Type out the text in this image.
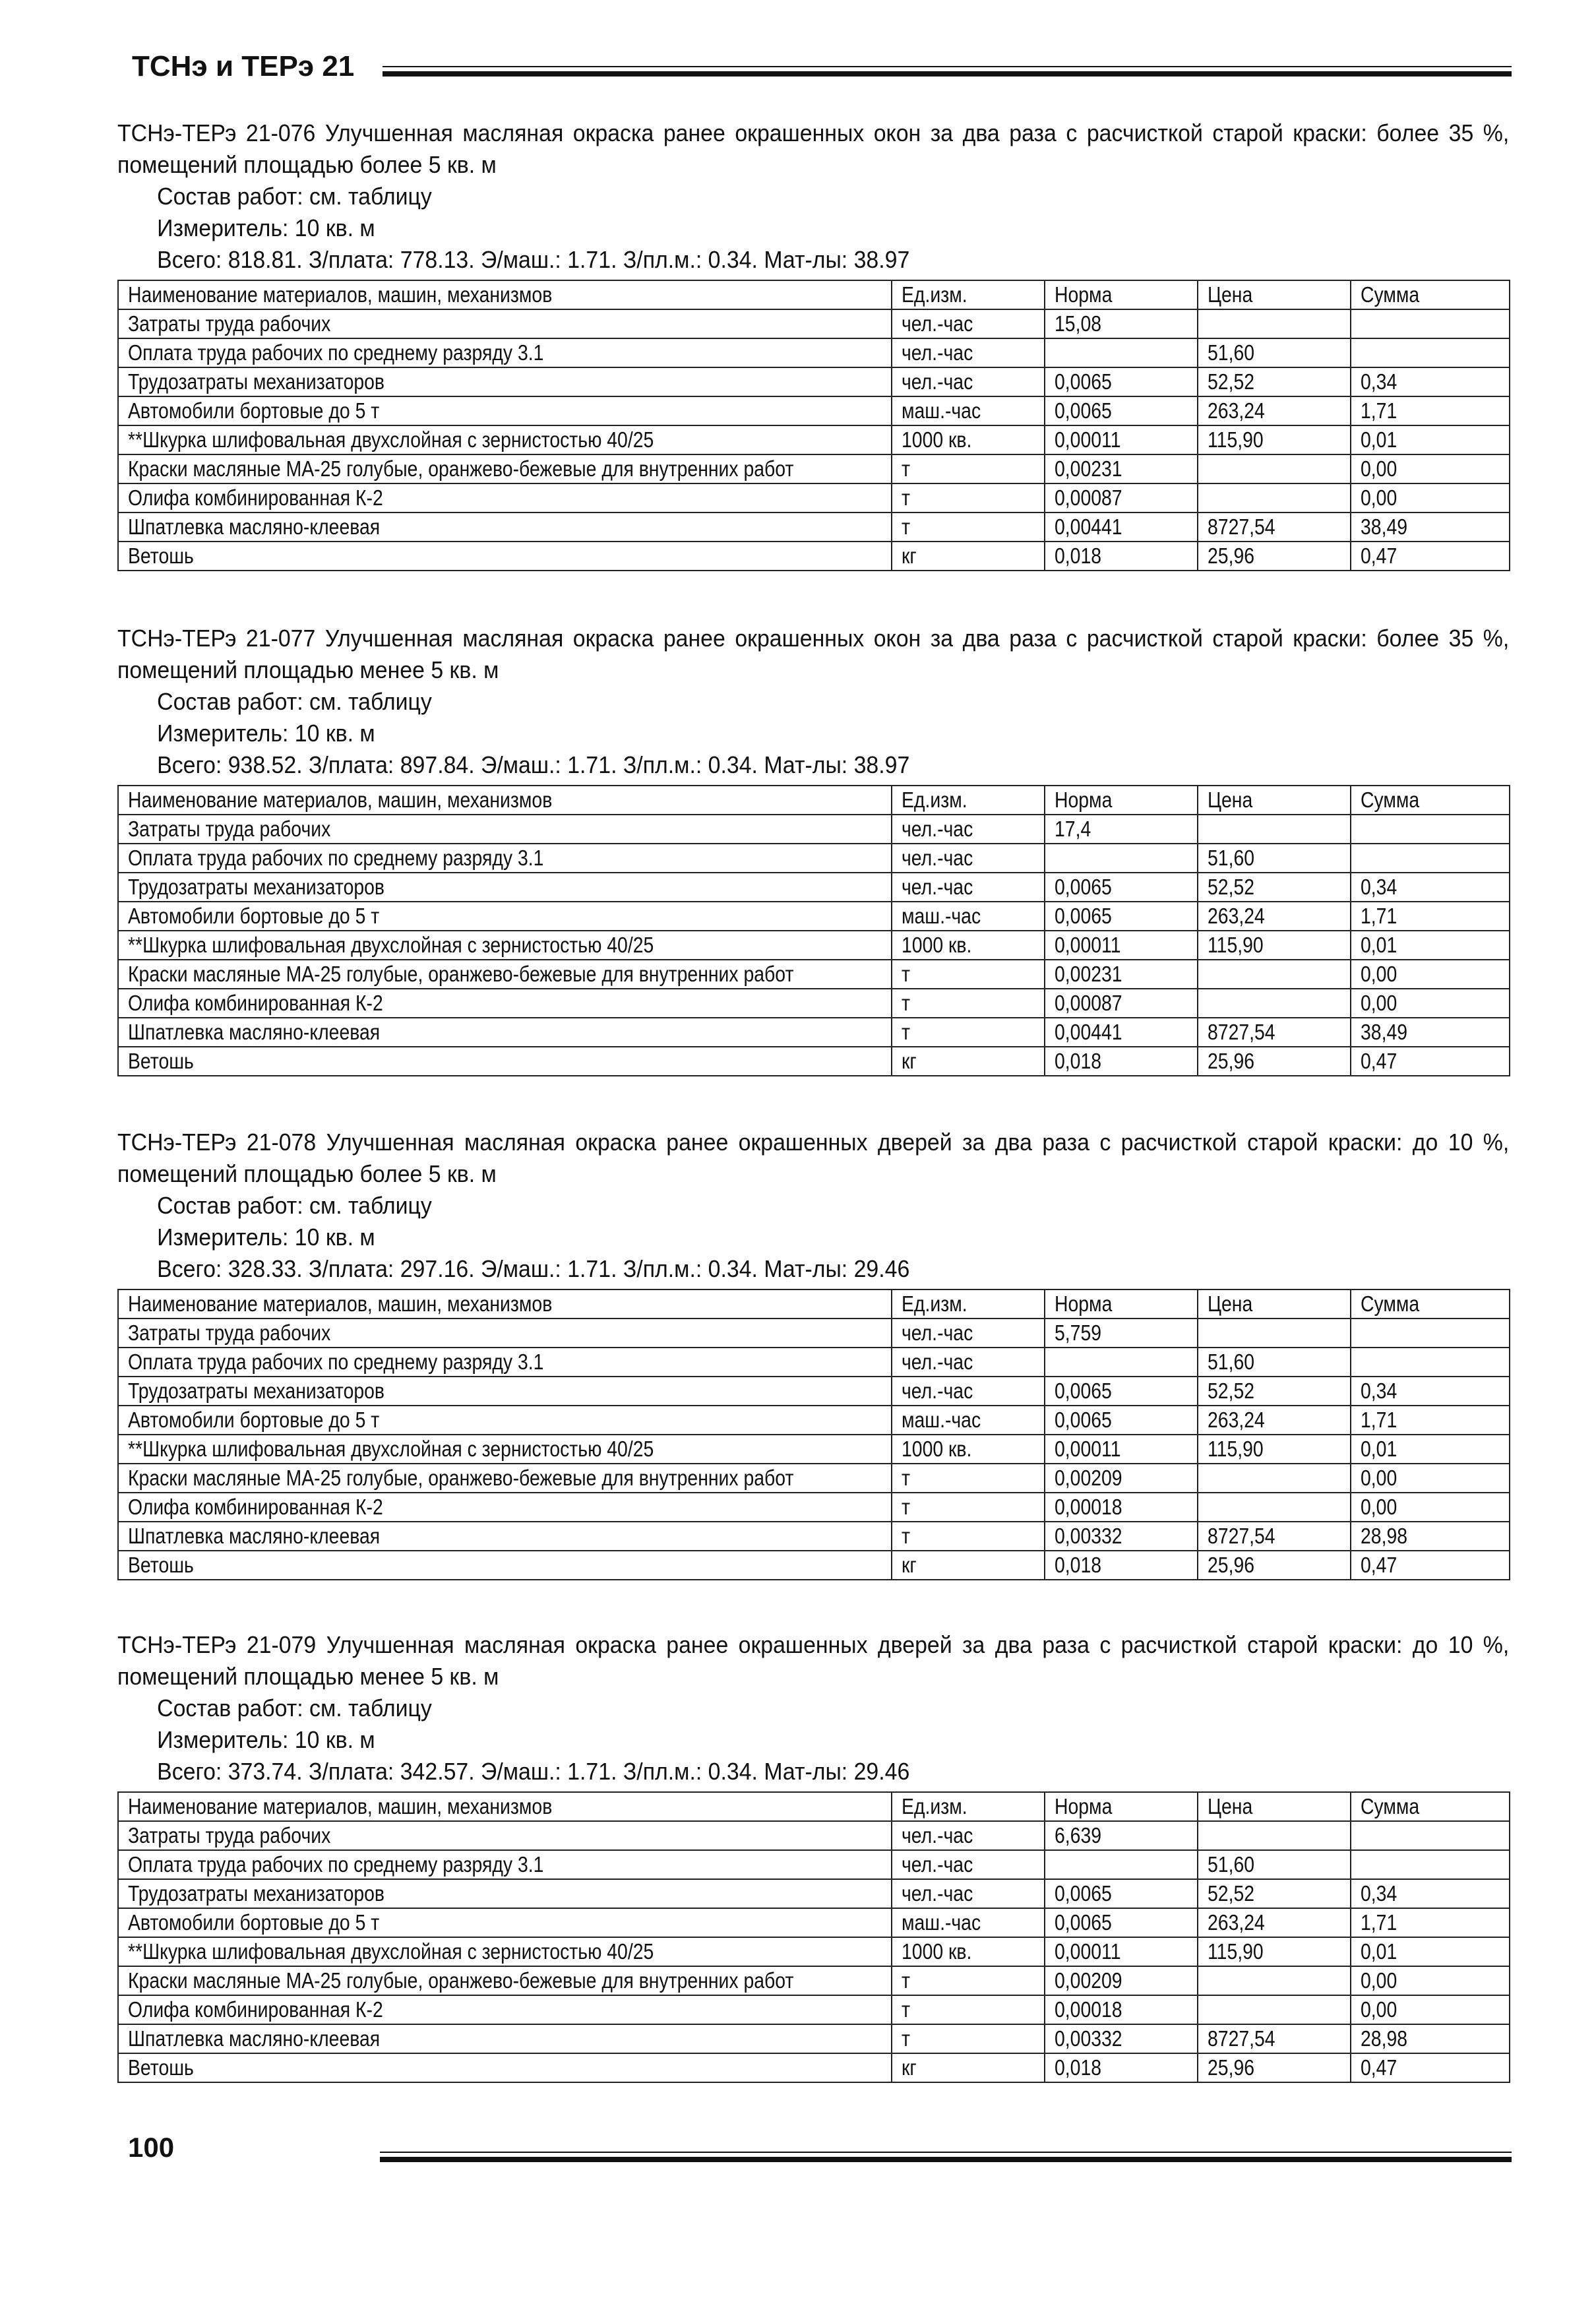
ТСНэ и ТЕРэ 21
ТСНэ-ТЕРэ 21-076 Улучшенная масляная окраска ранее окрашенных окон за два раза с расчисткой старой краски: более 35 %, помещений площадью более 5 кв. м
Состав работ: см. таблицу
Измеритель: 10 кв. м
Всего: 818.81. З/плата: 778.13. Э/маш.: 1.71. З/пл.м.: 0.34. Мат-лы: 38.97
Наименование материалов, машин, механизмов	Ед.изм.	Норма	Цена	Сумма
Затраты труда рабочих	чел.-час	15,08		
Оплата труда рабочих по среднему разряду 3.1	чел.-час		51,60	
Трудозатраты механизаторов	чел.-час	0,0065	52,52	0,34
Автомобили бортовые до 5 т	маш.-час	0,0065	263,24	1,71
**Шкурка шлифовальная двухслойная с зернистостью 40/25	1000 кв.	0,00011	115,90	0,01
Краски масляные МА-25 голубые, оранжево-бежевые для внутренних работ	т	0,00231		0,00
Олифа комбинированная К-2	т	0,00087		0,00
Шпатлевка масляно-клеевая	т	0,00441	8727,54	38,49
Ветошь	кг	0,018	25,96	0,47
ТСНэ-ТЕРэ 21-077 Улучшенная масляная окраска ранее окрашенных окон за два раза с расчисткой старой краски: более 35 %, помещений площадью менее 5 кв. м
Состав работ: см. таблицу
Измеритель: 10 кв. м
Всего: 938.52. З/плата: 897.84. Э/маш.: 1.71. З/пл.м.: 0.34. Мат-лы: 38.97
Наименование материалов, машин, механизмов	Ед.изм.	Норма	Цена	Сумма
Затраты труда рабочих	чел.-час	17,4		
Оплата труда рабочих по среднему разряду 3.1	чел.-час		51,60	
Трудозатраты механизаторов	чел.-час	0,0065	52,52	0,34
Автомобили бортовые до 5 т	маш.-час	0,0065	263,24	1,71
**Шкурка шлифовальная двухслойная с зернистостью 40/25	1000 кв.	0,00011	115,90	0,01
Краски масляные МА-25 голубые, оранжево-бежевые для внутренних работ	т	0,00231		0,00
Олифа комбинированная К-2	т	0,00087		0,00
Шпатлевка масляно-клеевая	т	0,00441	8727,54	38,49
Ветошь	кг	0,018	25,96	0,47
ТСНэ-ТЕРэ 21-078 Улучшенная масляная окраска ранее окрашенных дверей за два раза с расчисткой старой краски: до 10 %, помещений площадью более 5 кв. м
Состав работ: см. таблицу
Измеритель: 10 кв. м
Всего: 328.33. З/плата: 297.16. Э/маш.: 1.71. З/пл.м.: 0.34. Мат-лы: 29.46
Наименование материалов, машин, механизмов	Ед.изм.	Норма	Цена	Сумма
Затраты труда рабочих	чел.-час	5,759		
Оплата труда рабочих по среднему разряду 3.1	чел.-час		51,60	
Трудозатраты механизаторов	чел.-час	0,0065	52,52	0,34
Автомобили бортовые до 5 т	маш.-час	0,0065	263,24	1,71
**Шкурка шлифовальная двухслойная с зернистостью 40/25	1000 кв.	0,00011	115,90	0,01
Краски масляные МА-25 голубые, оранжево-бежевые для внутренних работ	т	0,00209		0,00
Олифа комбинированная К-2	т	0,00018		0,00
Шпатлевка масляно-клеевая	т	0,00332	8727,54	28,98
Ветошь	кг	0,018	25,96	0,47
ТСНэ-ТЕРэ 21-079 Улучшенная масляная окраска ранее окрашенных дверей за два раза с расчисткой старой краски: до 10 %, помещений площадью менее 5 кв. м
Состав работ: см. таблицу
Измеритель: 10 кв. м
Всего: 373.74. З/плата: 342.57. Э/маш.: 1.71. З/пл.м.: 0.34. Мат-лы: 29.46
Наименование материалов, машин, механизмов	Ед.изм.	Норма	Цена	Сумма
Затраты труда рабочих	чел.-час	6,639		
Оплата труда рабочих по среднему разряду 3.1	чел.-час		51,60	
Трудозатраты механизаторов	чел.-час	0,0065	52,52	0,34
Автомобили бортовые до 5 т	маш.-час	0,0065	263,24	1,71
**Шкурка шлифовальная двухслойная с зернистостью 40/25	1000 кв.	0,00011	115,90	0,01
Краски масляные МА-25 голубые, оранжево-бежевые для внутренних работ	т	0,00209		0,00
Олифа комбинированная К-2	т	0,00018		0,00
Шпатлевка масляно-клеевая	т	0,00332	8727,54	28,98
Ветошь	кг	0,018	25,96	0,47
100
